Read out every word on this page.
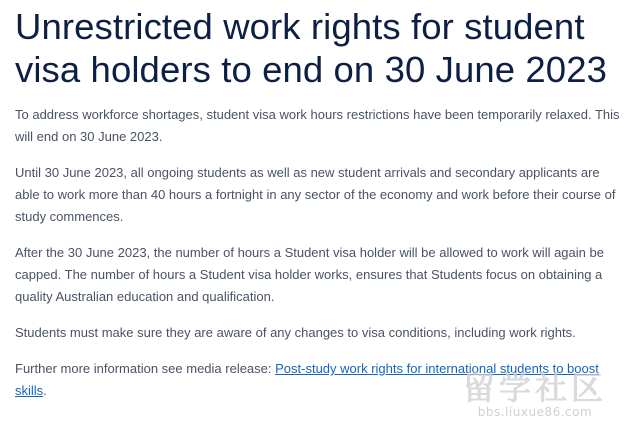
Unrestricted work rights for student visa holders to end on 30 June 2023

To address workforce shortages, student visa work hours restrictions have been temporarily relaxed. This will end on 30 June 2023.

Until 30 June 2023, all ongoing students as well as new student arrivals and secondary applicants are able to work more than 40 hours a fortnight in any sector of the economy and work before their course of study commences.

After the 30 June 2023, the number of hours a Student visa holder will be allowed to work will again be capped. The number of hours a Student visa holder works, ensures that Students focus on obtaining a quality Australian education and qualification.

Students must make sure they are aware of any changes to visa conditions, including work rights.

Further more information see media release: Post-study work rights for international students to boost skills.	留学社区
bbs.liuxue86.com
